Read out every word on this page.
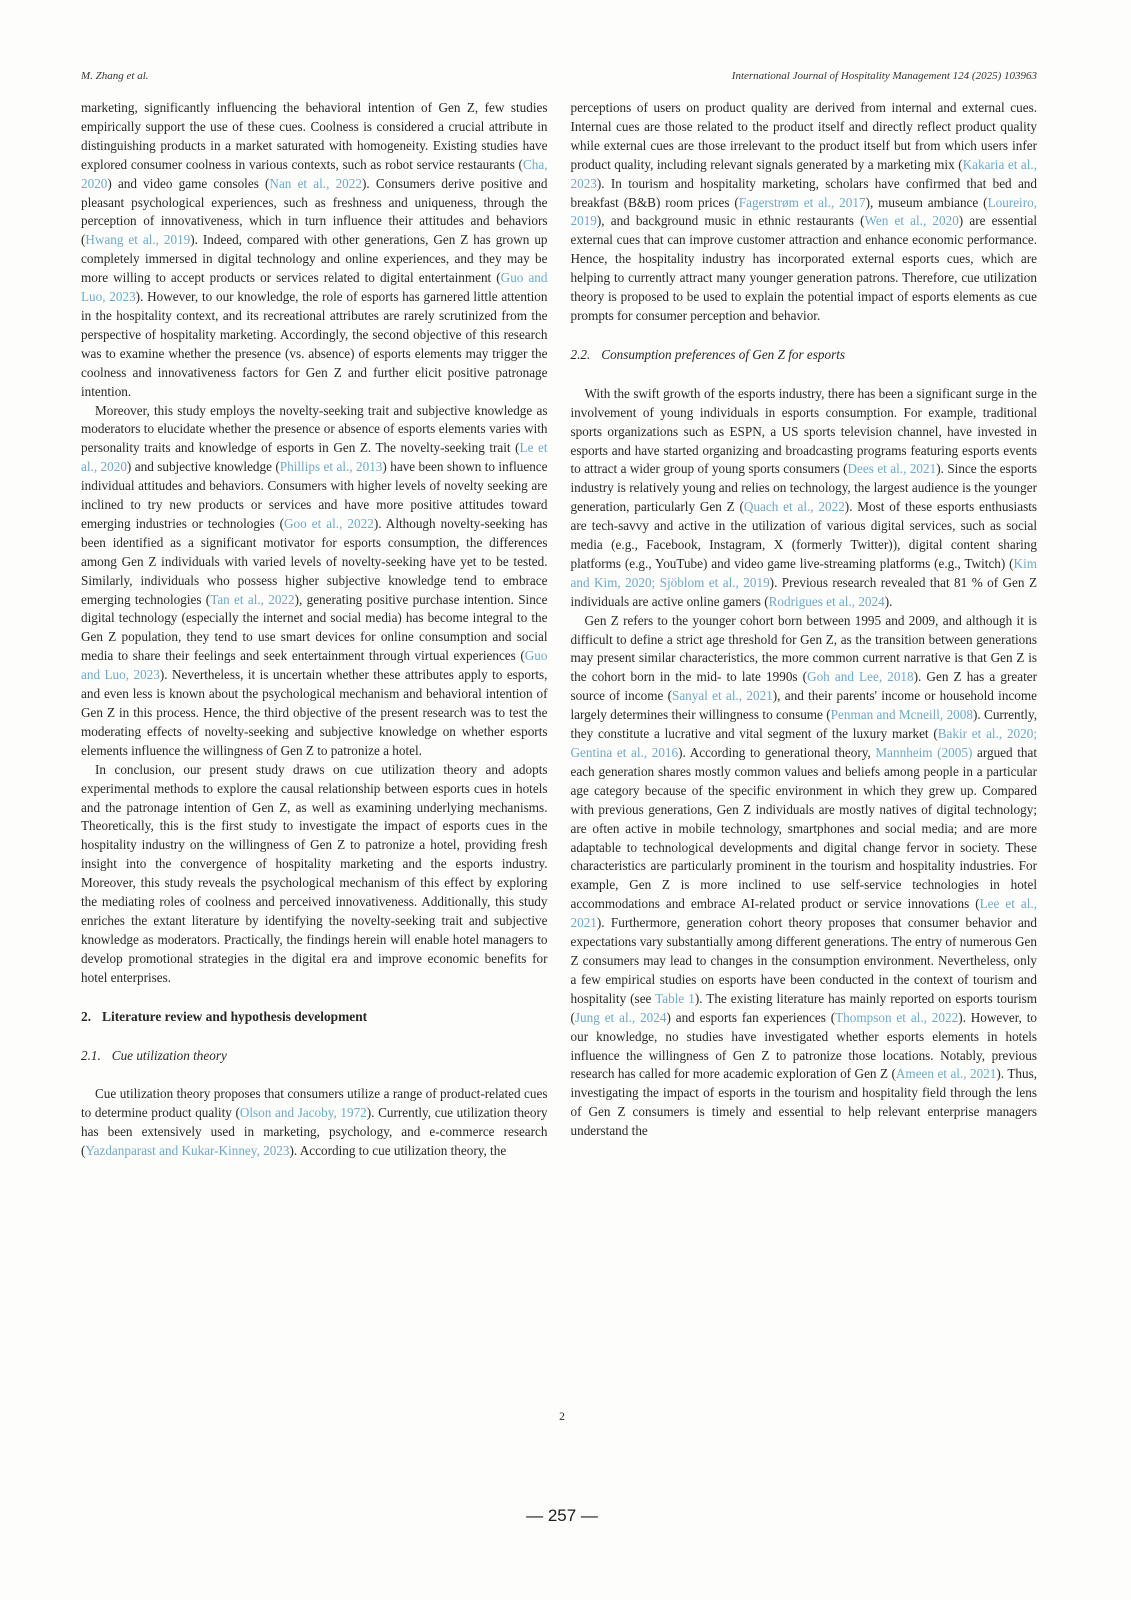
M. Zhang et al.	International Journal of Hospitality Management 124 (2025) 103963

marketing, significantly influencing the behavioral intention of Gen Z, few studies empirically support the use of these cues. Coolness is considered a crucial attribute in distinguishing products in a market saturated with homogeneity. Existing studies have explored consumer coolness in various contexts, such as robot service restaurants (Cha, 2020) and video game consoles (Nan et al., 2022). Consumers derive positive and pleasant psychological experiences, such as freshness and uniqueness, through the perception of innovativeness, which in turn influence their attitudes and behaviors (Hwang et al., 2019). Indeed, compared with other generations, Gen Z has grown up completely immersed in digital technology and online experiences, and they may be more willing to accept products or services related to digital entertainment (Guo and Luo, 2023). However, to our knowledge, the role of esports has garnered little attention in the hospitality context, and its recreational attributes are rarely scrutinized from the perspective of hospitality marketing. Accordingly, the second objective of this research was to examine whether the presence (vs. absence) of esports elements may trigger the coolness and innovativeness factors for Gen Z and further elicit positive patronage intention.

Moreover, this study employs the novelty-seeking trait and subjective knowledge as moderators to elucidate whether the presence or absence of esports elements varies with personality traits and knowledge of esports in Gen Z. The novelty-seeking trait (Le et al., 2020) and subjective knowledge (Phillips et al., 2013) have been shown to influence individual attitudes and behaviors. Consumers with higher levels of novelty seeking are inclined to try new products or services and have more positive attitudes toward emerging industries or technologies (Goo et al., 2022). Although novelty-seeking has been identified as a significant motivator for esports consumption, the differences among Gen Z individuals with varied levels of novelty-seeking have yet to be tested. Similarly, individuals who possess higher subjective knowledge tend to embrace emerging technologies (Tan et al., 2022), generating positive purchase intention. Since digital technology (especially the internet and social media) has become integral to the Gen Z population, they tend to use smart devices for online consumption and social media to share their feelings and seek entertainment through virtual experiences (Guo and Luo, 2023). Nevertheless, it is uncertain whether these attributes apply to esports, and even less is known about the psychological mechanism and behavioral intention of Gen Z in this process. Hence, the third objective of the present research was to test the moderating effects of novelty-seeking and subjective knowledge on whether esports elements influence the willingness of Gen Z to patronize a hotel.

In conclusion, our present study draws on cue utilization theory and adopts experimental methods to explore the causal relationship between esports cues in hotels and the patronage intention of Gen Z, as well as examining underlying mechanisms. Theoretically, this is the first study to investigate the impact of esports cues in the hospitality industry on the willingness of Gen Z to patronize a hotel, providing fresh insight into the convergence of hospitality marketing and the esports industry. Moreover, this study reveals the psychological mechanism of this effect by exploring the mediating roles of coolness and perceived innovativeness. Additionally, this study enriches the extant literature by identifying the novelty-seeking trait and subjective knowledge as moderators. Practically, the findings herein will enable hotel managers to develop promotional strategies in the digital era and improve economic benefits for hotel enterprises.

2. Literature review and hypothesis development
2.1. Cue utilization theory

Cue utilization theory proposes that consumers utilize a range of product-related cues to determine product quality (Olson and Jacoby, 1972). Currently, cue utilization theory has been extensively used in marketing, psychology, and e-commerce research (Yazdanparast and Kukar-Kinney, 2023). According to cue utilization theory, the

perceptions of users on product quality are derived from internal and external cues. Internal cues are those related to the product itself and directly reflect product quality while external cues are those irrelevant to the product itself but from which users infer product quality, including relevant signals generated by a marketing mix (Kakaria et al., 2023). In tourism and hospitality marketing, scholars have confirmed that bed and breakfast (B&B) room prices (Fagerstrøm et al., 2017), museum ambiance (Loureiro, 2019), and background music in ethnic restaurants (Wen et al., 2020) are essential external cues that can improve customer attraction and enhance economic performance. Hence, the hospitality industry has incorporated external esports cues, which are helping to currently attract many younger generation patrons. Therefore, cue utilization theory is proposed to be used to explain the potential impact of esports elements as cue prompts for consumer perception and behavior.

2.2. Consumption preferences of Gen Z for esports

With the swift growth of the esports industry, there has been a significant surge in the involvement of young individuals in esports consumption. For example, traditional sports organizations such as ESPN, a US sports television channel, have invested in esports and have started organizing and broadcasting programs featuring esports events to attract a wider group of young sports consumers (Dees et al., 2021). Since the esports industry is relatively young and relies on technology, the largest audience is the younger generation, particularly Gen Z (Quach et al., 2022). Most of these esports enthusiasts are tech-savvy and active in the utilization of various digital services, such as social media (e.g., Facebook, Instagram, X (formerly Twitter)), digital content sharing platforms (e.g., YouTube) and video game live-streaming platforms (e.g., Twitch) (Kim and Kim, 2020; Sjöblom et al., 2019). Previous research revealed that 81 % of Gen Z individuals are active online gamers (Rodrigues et al., 2024).

Gen Z refers to the younger cohort born between 1995 and 2009, and although it is difficult to define a strict age threshold for Gen Z, as the transition between generations may present similar characteristics, the more common current narrative is that Gen Z is the cohort born in the mid- to late 1990s (Goh and Lee, 2018). Gen Z has a greater source of income (Sanyal et al., 2021), and their parents' income or household income largely determines their willingness to consume (Penman and Mcneill, 2008). Currently, they constitute a lucrative and vital segment of the luxury market (Bakir et al., 2020; Gentina et al., 2016). According to generational theory, Mannheim (2005) argued that each generation shares mostly common values and beliefs among people in a particular age category because of the specific environment in which they grew up. Compared with previous generations, Gen Z individuals are mostly natives of digital technology; are often active in mobile technology, smartphones and social media; and are more adaptable to technological developments and digital change fervor in society. These characteristics are particularly prominent in the tourism and hospitality industries. For example, Gen Z is more inclined to use self-service technologies in hotel accommodations and embrace AI-related product or service innovations (Lee et al., 2021). Furthermore, generation cohort theory proposes that consumer behavior and expectations vary substantially among different generations. The entry of numerous Gen Z consumers may lead to changes in the consumption environment. Nevertheless, only a few empirical studies on esports have been conducted in the context of tourism and hospitality (see Table 1). The existing literature has mainly reported on esports tourism (Jung et al., 2024) and esports fan experiences (Thompson et al., 2022). However, to our knowledge, no studies have investigated whether esports elements in hotels influence the willingness of Gen Z to patronize those locations. Notably, previous research has called for more academic exploration of Gen Z (Ameen et al., 2021). Thus, investigating the impact of esports in the tourism and hospitality field through the lens of Gen Z consumers is timely and essential to help relevant enterprise managers understand the

2
— 257 —
